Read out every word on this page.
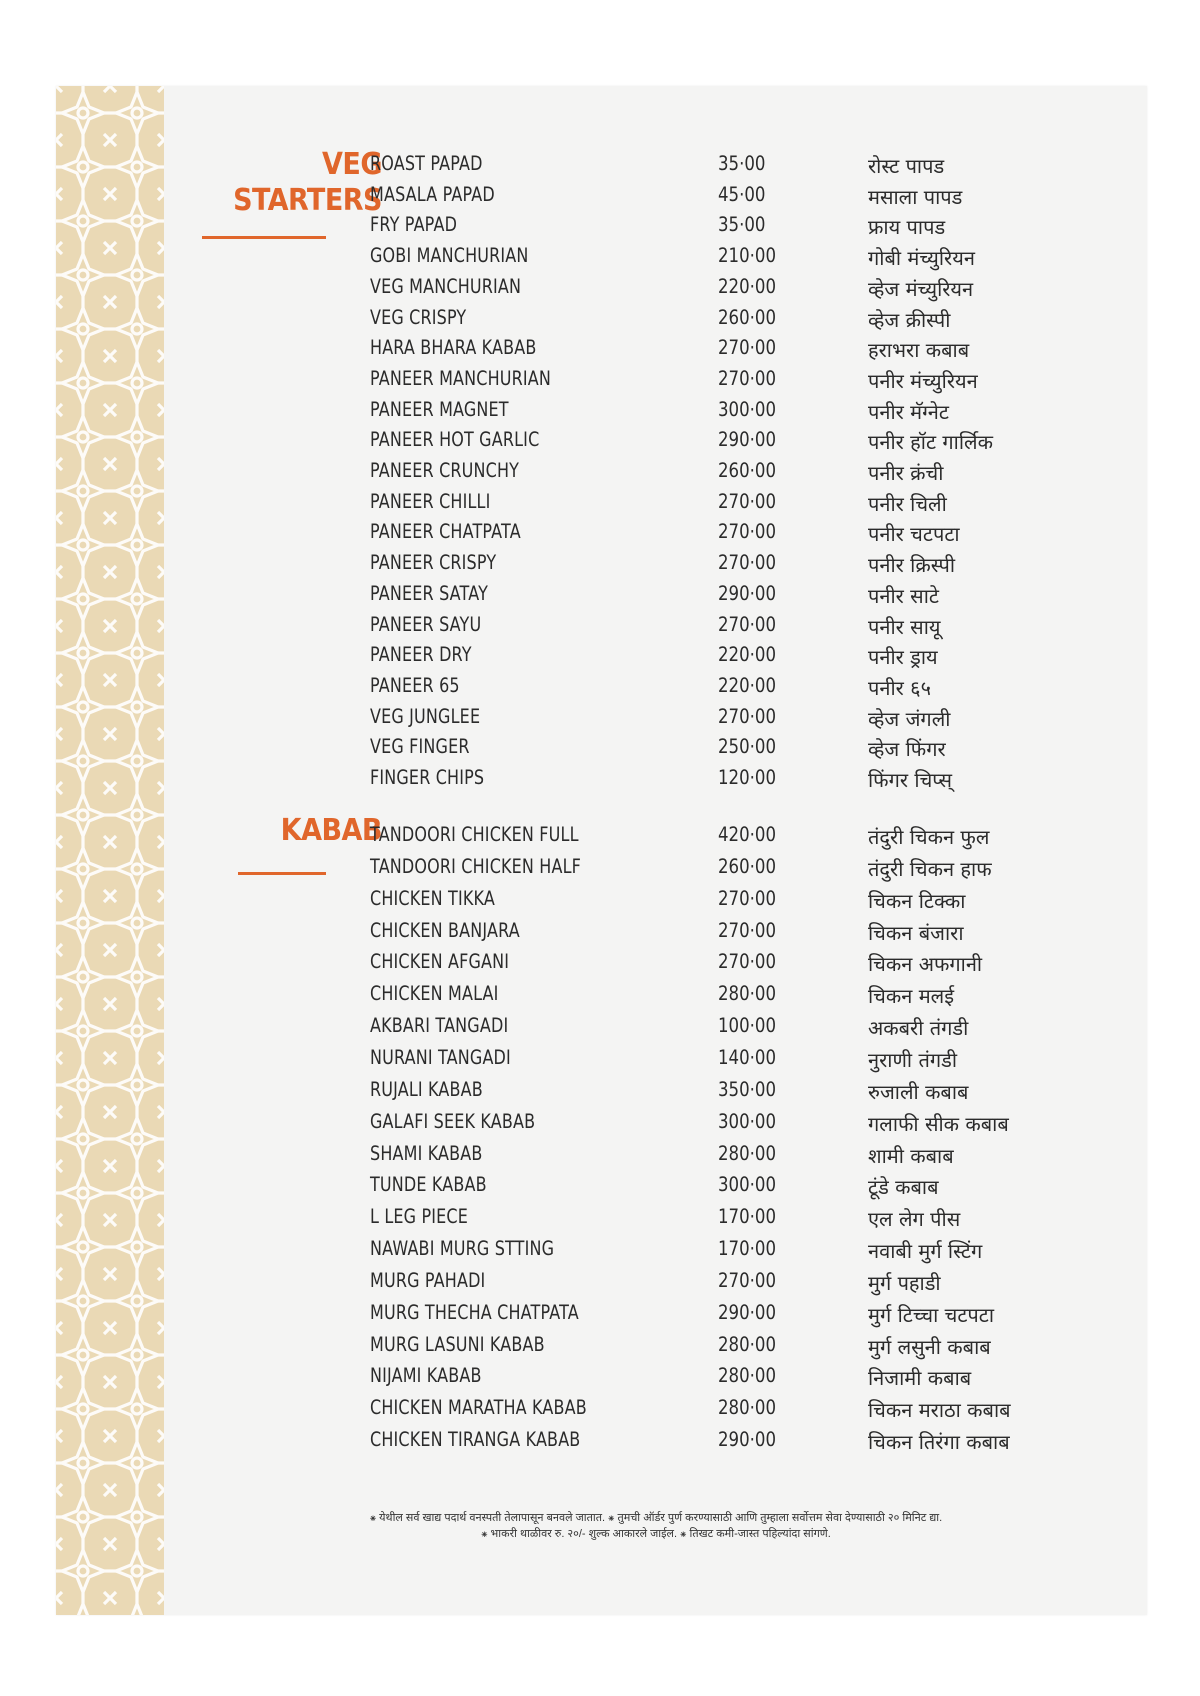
VEG
STARTERS
ROAST PAPAD	35·00	रोस्ट पापड
MASALA PAPAD	45·00	मसाला पापड
FRY PAPAD	35·00	फ्राय पापड
GOBI MANCHURIAN	210·00	गोबी मंच्युरियन
VEG MANCHURIAN	220·00	व्हेज मंच्युरियन
VEG CRISPY	260·00	व्हेज क्रीस्पी
HARA BHARA KABAB	270·00	हराभरा कबाब
PANEER MANCHURIAN	270·00	पनीर मंच्युरियन
PANEER MAGNET	300·00	पनीर मॅग्नेट
PANEER HOT GARLIC	290·00	पनीर हॉट गार्लिक
PANEER CRUNCHY	260·00	पनीर क्रंची
PANEER CHILLI	270·00	पनीर चिली
PANEER CHATPATA	270·00	पनीर चटपटा
PANEER CRISPY	270·00	पनीर क्रिस्पी
PANEER SATAY	290·00	पनीर साटे
PANEER SAYU	270·00	पनीर सायू
PANEER DRY	220·00	पनीर ड्राय
PANEER 65	220·00	पनीर ६५
VEG JUNGLEE	270·00	व्हेज जंगली
VEG FINGER	250·00	व्हेज फिंगर
FINGER CHIPS	120·00	फिंगर चिप्स्
KABAB
TANDOORI CHICKEN FULL	420·00	तंदुरी चिकन फुल
TANDOORI CHICKEN HALF	260·00	तंदुरी चिकन हाफ
CHICKEN TIKKA	270·00	चिकन टिक्का
CHICKEN BANJARA	270·00	चिकन बंजारा
CHICKEN AFGANI	270·00	चिकन अफगानी
CHICKEN MALAI	280·00	चिकन मलई
AKBARI TANGADI	100·00	अकबरी तंगडी
NURANI TANGADI	140·00	नुराणी तंगडी
RUJALI KABAB	350·00	रुजाली कबाब
GALAFI SEEK KABAB	300·00	गलाफी सीक कबाब
SHAMI KABAB	280·00	शामी कबाब
TUNDE KABAB	300·00	टूंडे कबाब
L LEG PIECE	170·00	एल लेग पीस
NAWABI MURG STTING	170·00	नवाबी मुर्ग स्टिंग
MURG PAHADI	270·00	मुर्ग पहाडी
MURG THECHA CHATPATA	290·00	मुर्ग टिच्चा चटपटा
MURG LASUNI KABAB	280·00	मुर्ग लसुनी कबाब
NIJAMI KABAB	280·00	निजामी कबाब
CHICKEN MARATHA KABAB	280·00	चिकन मराठा कबाब
CHICKEN TIRANGA KABAB	290·00	चिकन तिरंगा कबाब
⁕ येथील सर्व खाद्य पदार्थ वनस्पती तेलापासून बनवले जातात. ⁕ तुमची ऑर्डर पुर्ण करण्यासाठी आणि तुम्हाला सर्वोत्तम सेवा देण्यासाठी २० मिनिट द्या.
⁕ भाकरी थाळीवर रु. २०/- शुल्क आकारले जाईल. ⁕ तिखट कमी-जास्त पहिल्यांदा सांगणे.
